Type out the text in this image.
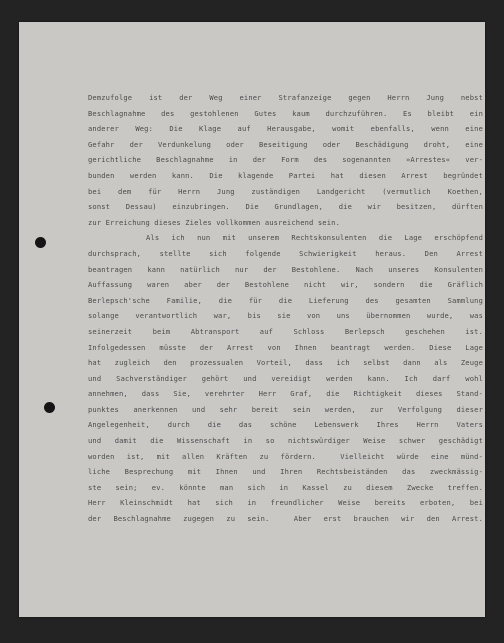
Demzufolge ist der Weg einer Strafanzeige gegen Herrn Jung nebst
Beschlagnahme des gestohlenen Gutes kaum durchzuführen. Es bleibt ein
anderer Weg: Die Klage auf Herausgabe, womit ebenfalls, wenn eine
Gefahr der Verdunkelung oder Beseitigung oder Beschädigung droht, eine
gerichtliche Beschlagnahme in der Form des sogenannten »Arrestes« ver-
bunden werden kann. Die klagende Partei hat diesen Arrest begründet
bei dem für Herrn Jung zuständigen Landgericht (vermutlich Koethen,
sonst Dessau) einzubringen. Die Grundlagen, die wir besitzen, dürften
zur Erreichung dieses Zieles vollkommen ausreichend sein.
Als ich nun mit unserem Rechtskonsulenten die Lage erschöpfend
durchsprach, stellte sich folgende Schwierigkeit heraus. Den Arrest
beantragen kann natürlich nur der Bestohlene. Nach unseres Konsulenten
Auffassung waren aber der Bestohlene nicht wir, sondern die Gräflich
Berlepsch'sche Familie, die für die Lieferung des gesamten Sammlung
solange verantwortlich war, bis sie von uns übernommen wurde, was
seinerzeit beim Abtransport auf Schloss Berlepsch geschehen ist.
Infolgedessen müsste der Arrest von Ihnen beantragt werden. Diese Lage
hat zugleich den prozessualen Vorteil, dass ich selbst dann als Zeuge
und Sachverständiger gehört und vereidigt werden kann. Ich darf wohl
annehmen, dass Sie, verehrter Herr Graf, die Richtigkeit dieses Stand-
punktes anerkennen und sehr bereit sein werden, zur Verfolgung dieser
Angelegenheit, durch die das schöne Lebenswerk Ihres Herrn Vaters
und damit die Wissenschaft in so nichtswürdiger Weise schwer geschädigt
worden ist, mit allen Kräften zu fördern.  Vielleicht würde eine münd-
liche Besprechung mit Ihnen und Ihren Rechtsbeiständen das zweckmässig-
ste sein; ev. könnte man sich in Kassel zu diesem Zwecke treffen.
Herr Kleinschmidt hat sich in freundlicher Weise bereits erboten, bei
der Beschlagnahme zugegen zu sein.  Aber erst brauchen wir den Arrest.
